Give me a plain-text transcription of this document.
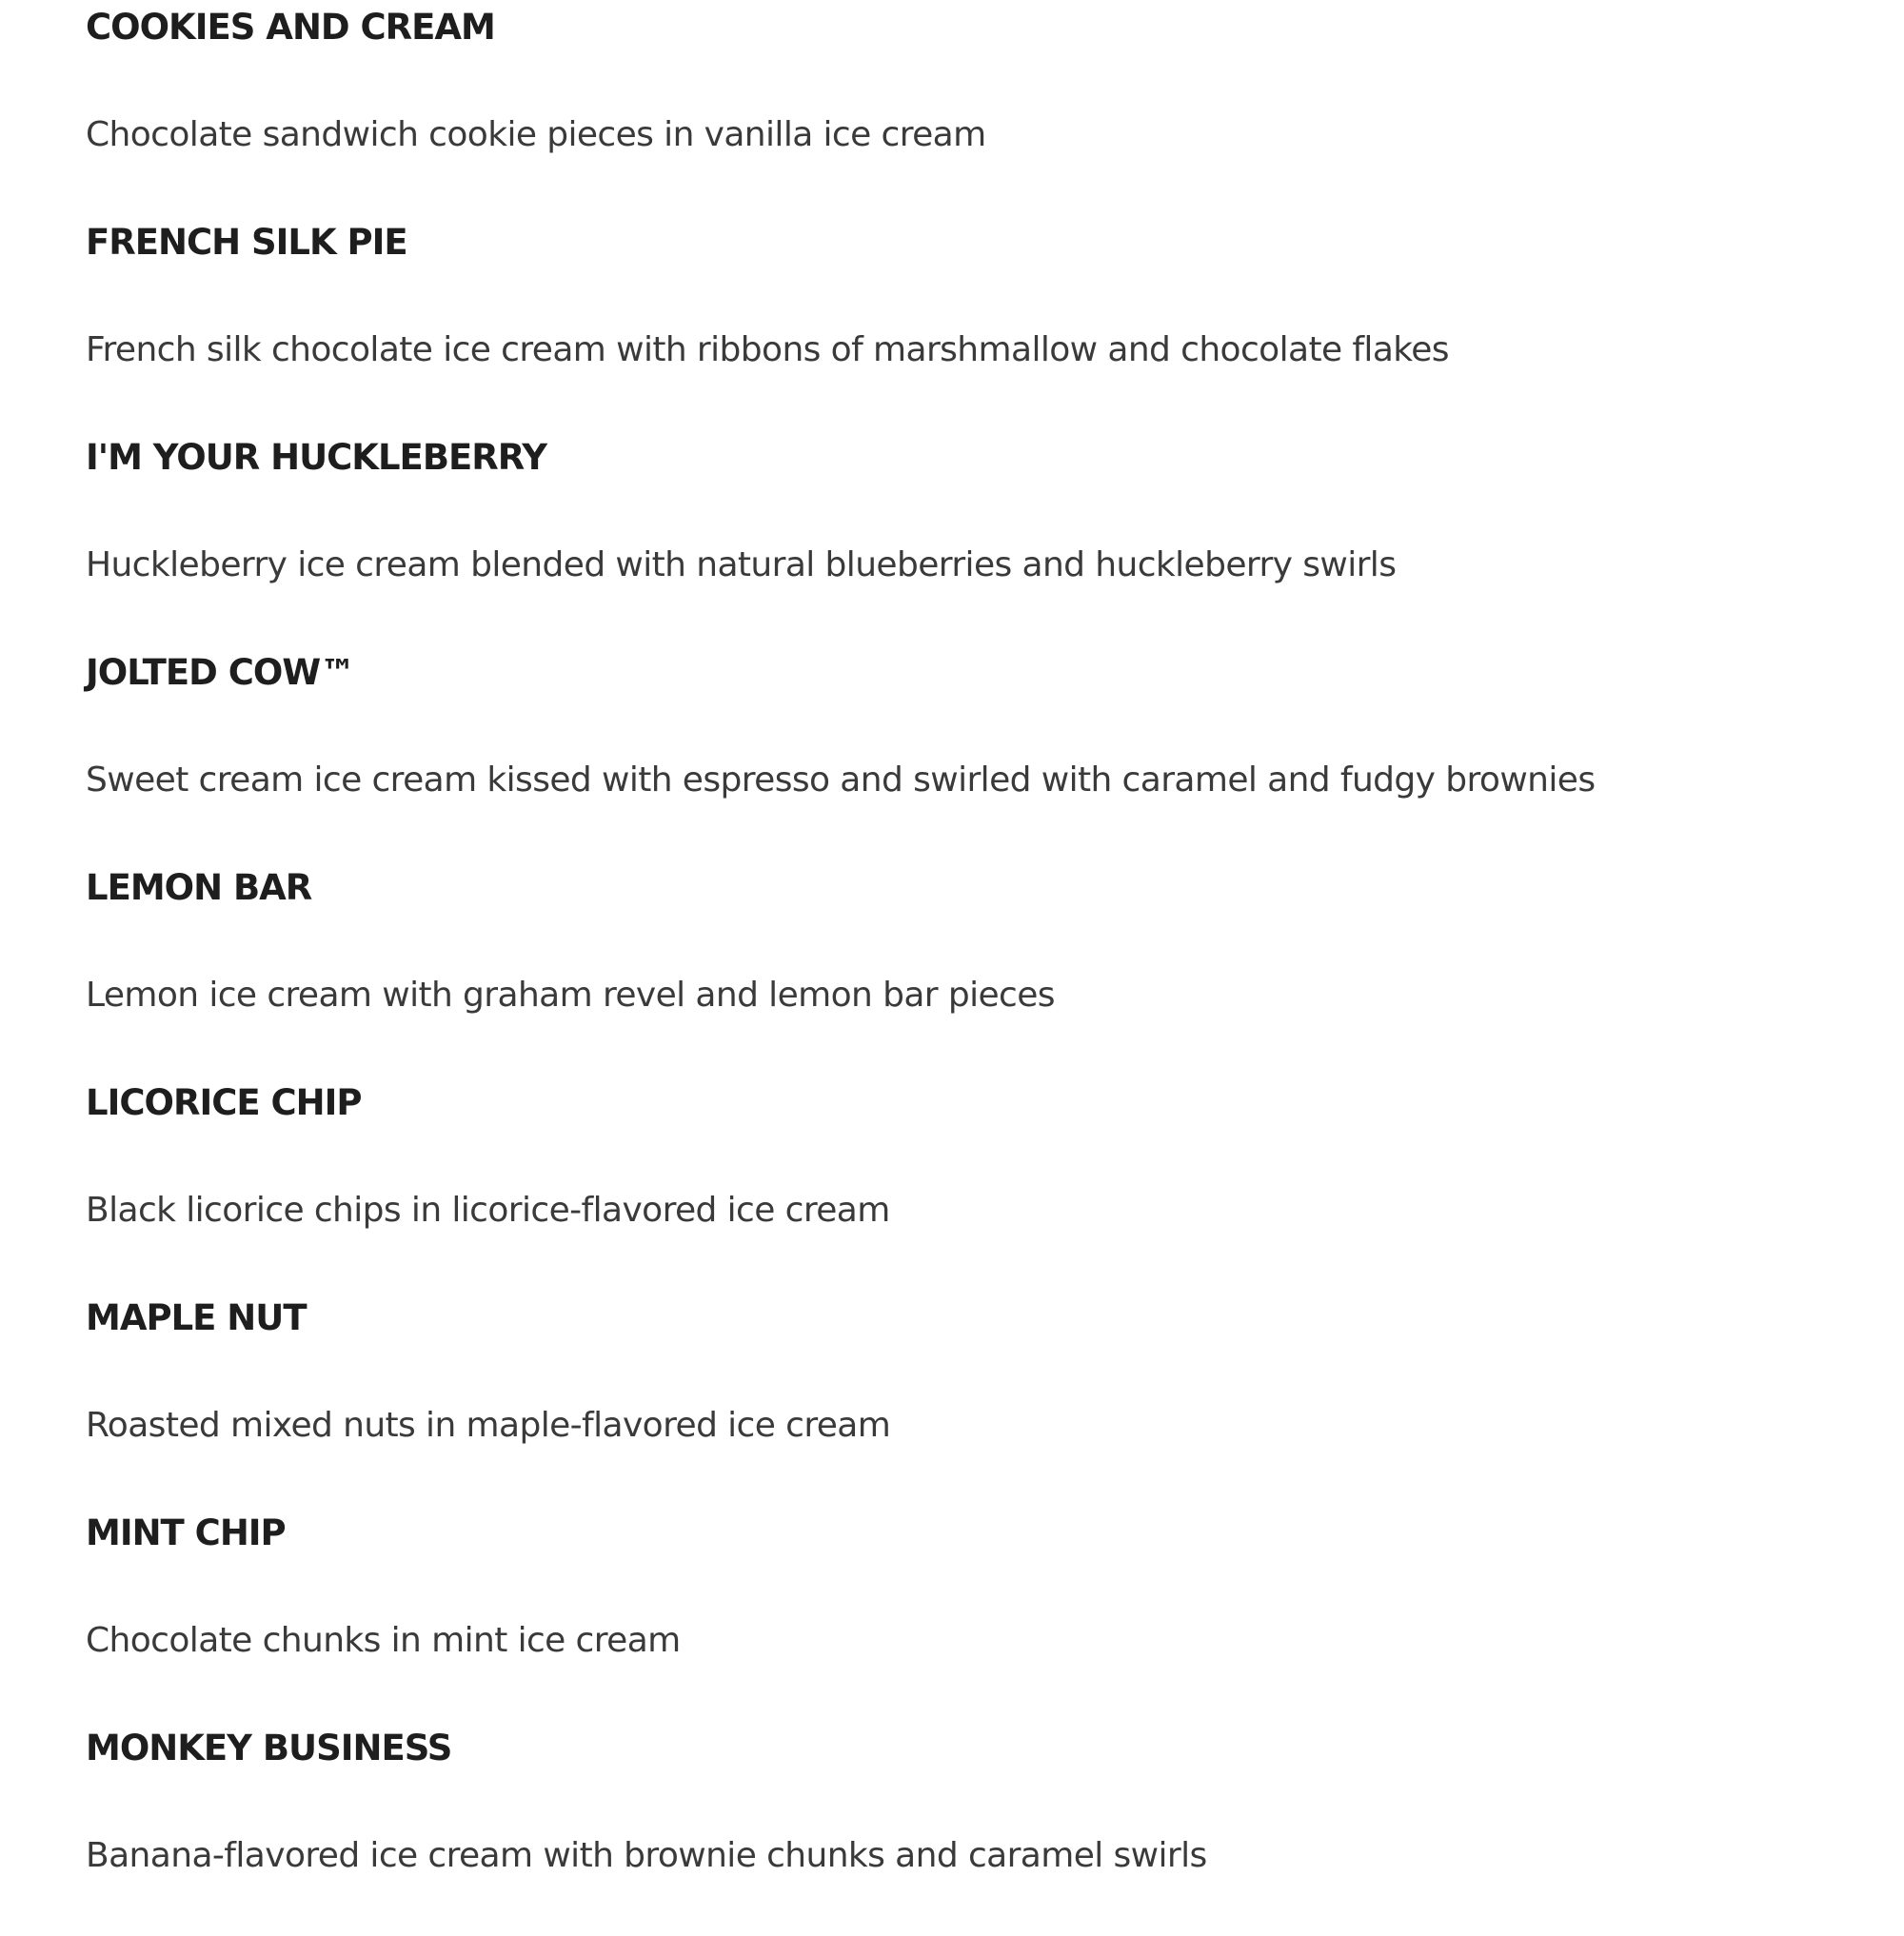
COOKIES AND CREAM
Chocolate sandwich cookie pieces in vanilla ice cream
FRENCH SILK PIE
French silk chocolate ice cream with ribbons of marshmallow and chocolate flakes
I'M YOUR HUCKLEBERRY
Huckleberry ice cream blended with natural blueberries and huckleberry swirls
JOLTED COW™
Sweet cream ice cream kissed with espresso and swirled with caramel and fudgy brownies
LEMON BAR
Lemon ice cream with graham revel and lemon bar pieces
LICORICE CHIP
Black licorice chips in licorice-flavored ice cream
MAPLE NUT
Roasted mixed nuts in maple-flavored ice cream
MINT CHIP
Chocolate chunks in mint ice cream
MONKEY BUSINESS
Banana-flavored ice cream with brownie chunks and caramel swirls
